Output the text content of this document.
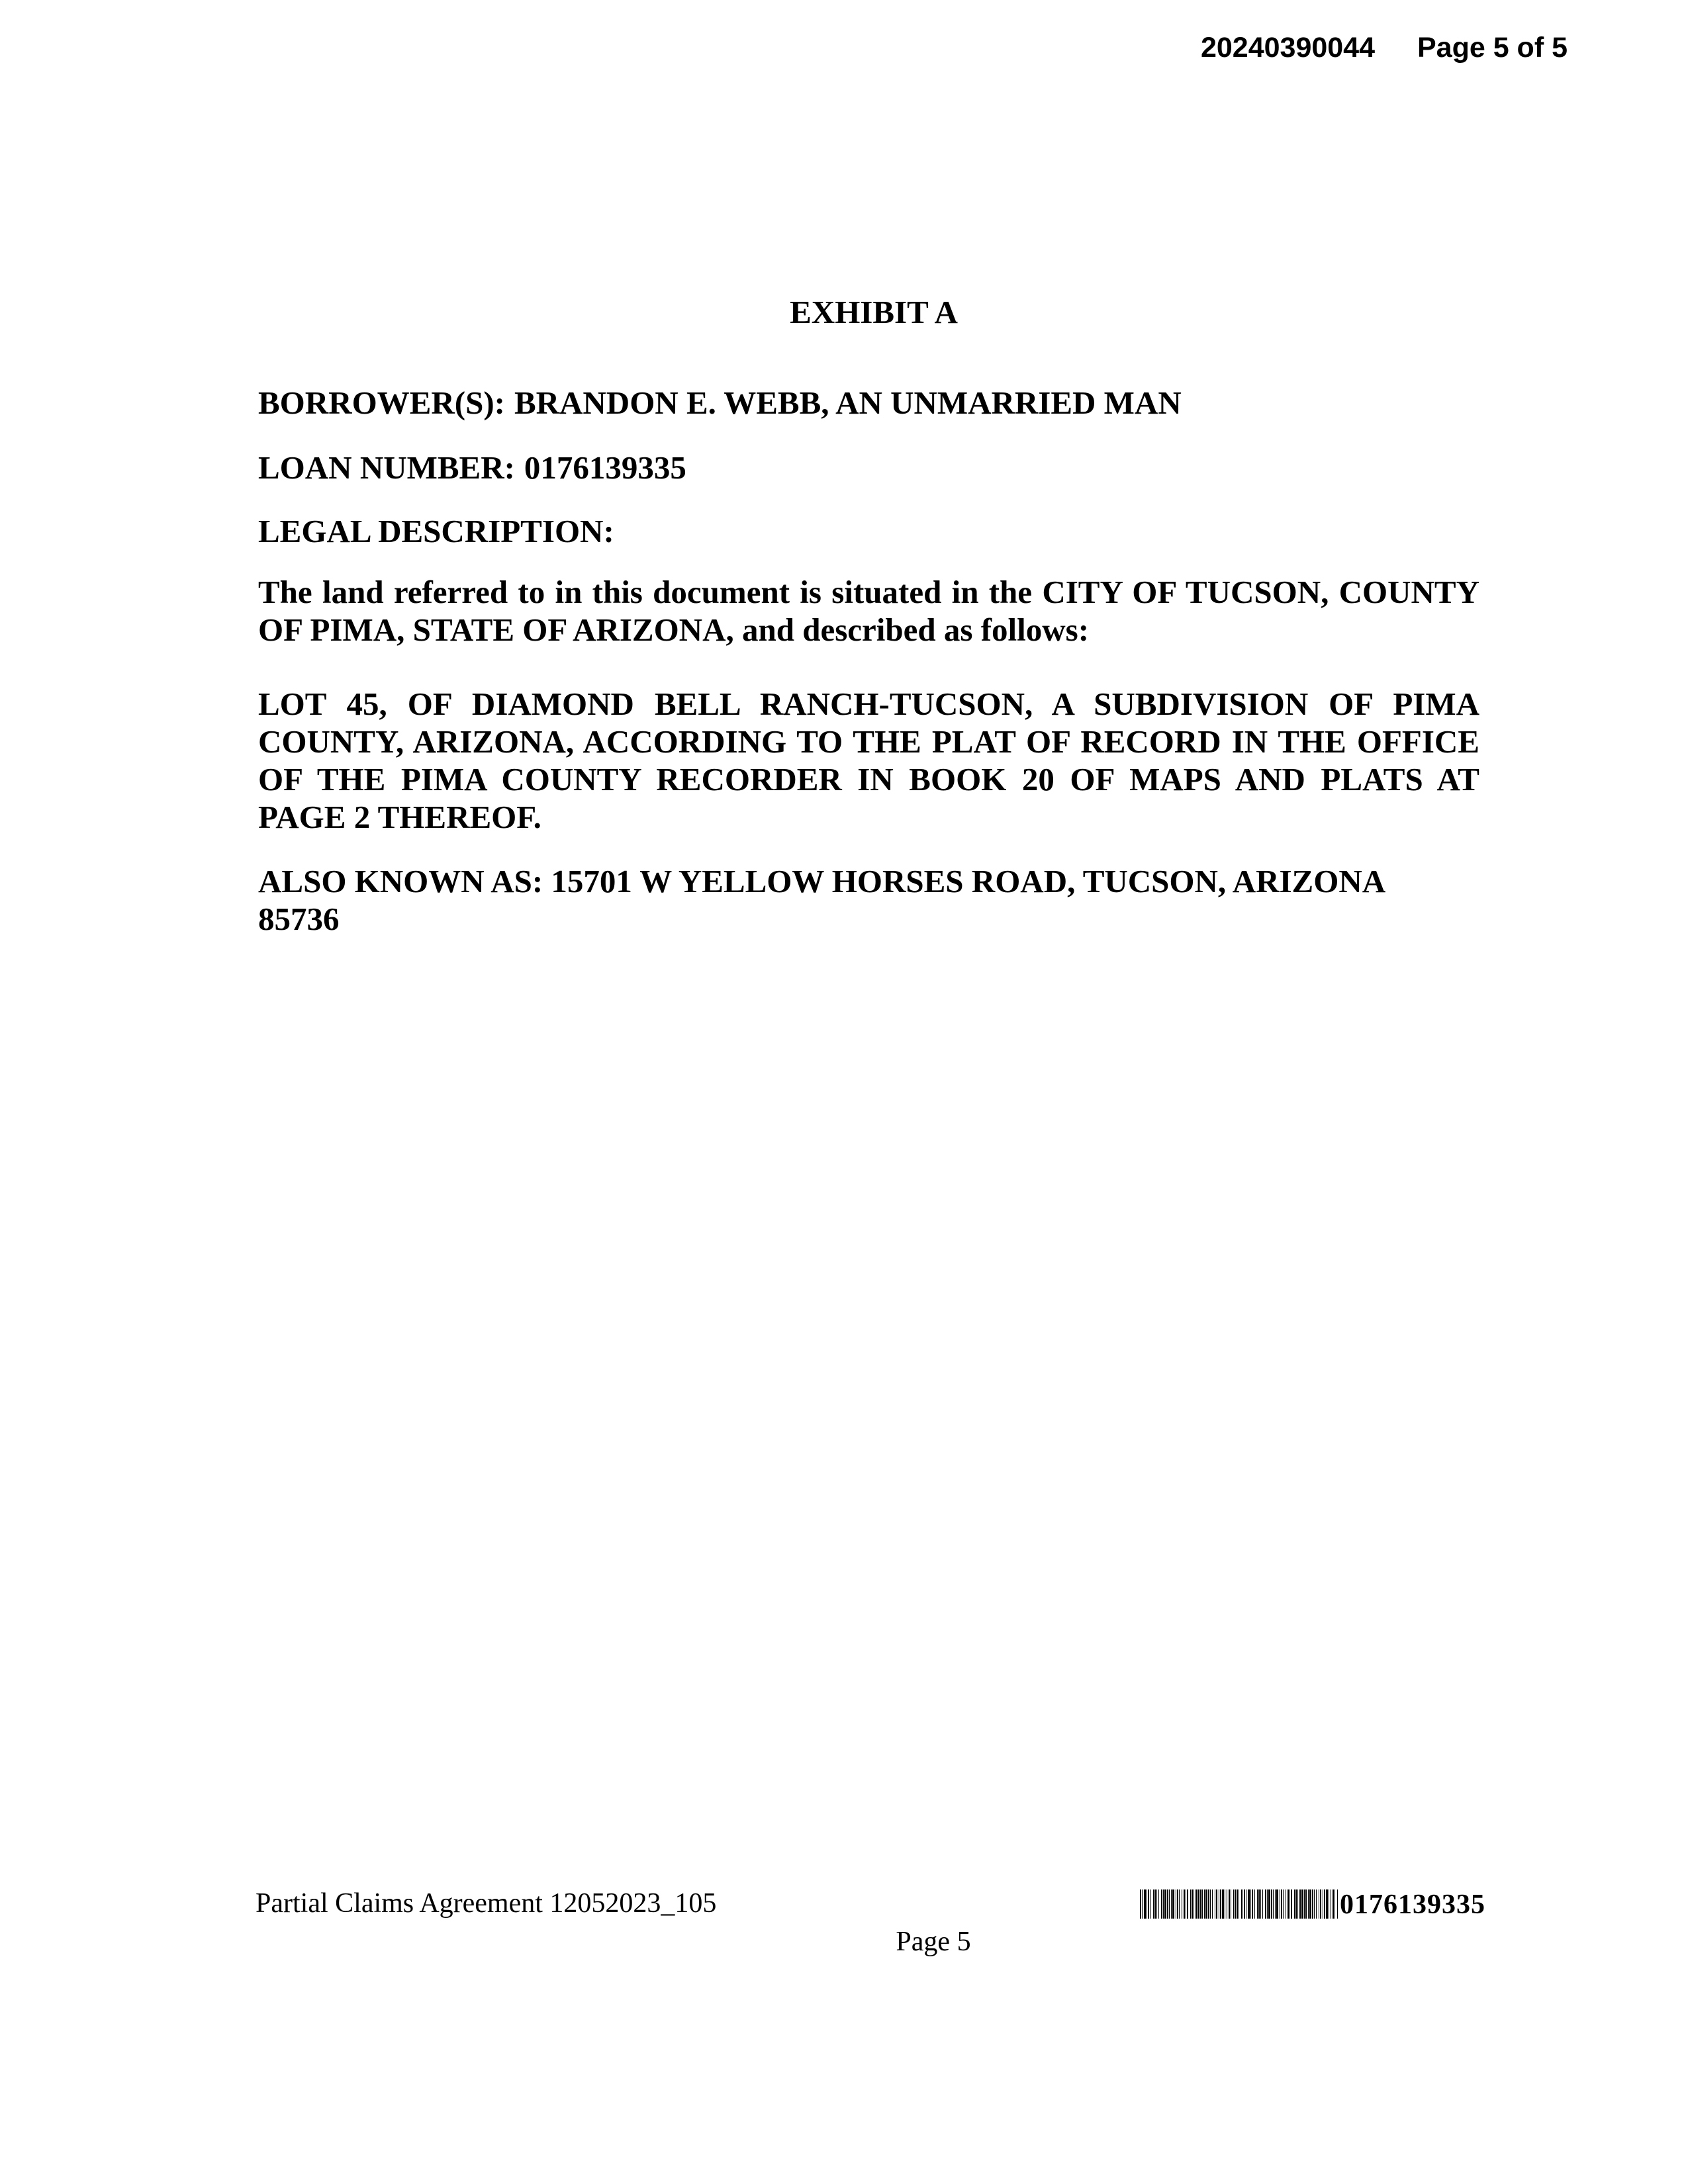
20240390044 Page 5 of 5
EXHIBIT A
BORROWER(S): BRANDON E. WEBB, AN UNMARRIED MAN
LOAN NUMBER: 0176139335
LEGAL DESCRIPTION:
The land referred to in this document is situated in the CITY OF TUCSON, COUNTY OF PIMA, STATE OF ARIZONA, and described as follows:
LOT 45, OF DIAMOND BELL RANCH-TUCSON, A SUBDIVISION OF PIMA COUNTY, ARIZONA, ACCORDING TO THE PLAT OF RECORD IN THE OFFICE OF THE PIMA COUNTY RECORDER IN BOOK 20 OF MAPS AND PLATS AT PAGE 2 THEREOF.
ALSO KNOWN AS: 15701 W YELLOW HORSES ROAD, TUCSON, ARIZONA
85736
Partial Claims Agreement 12052023_105	0176139335
Page 5
